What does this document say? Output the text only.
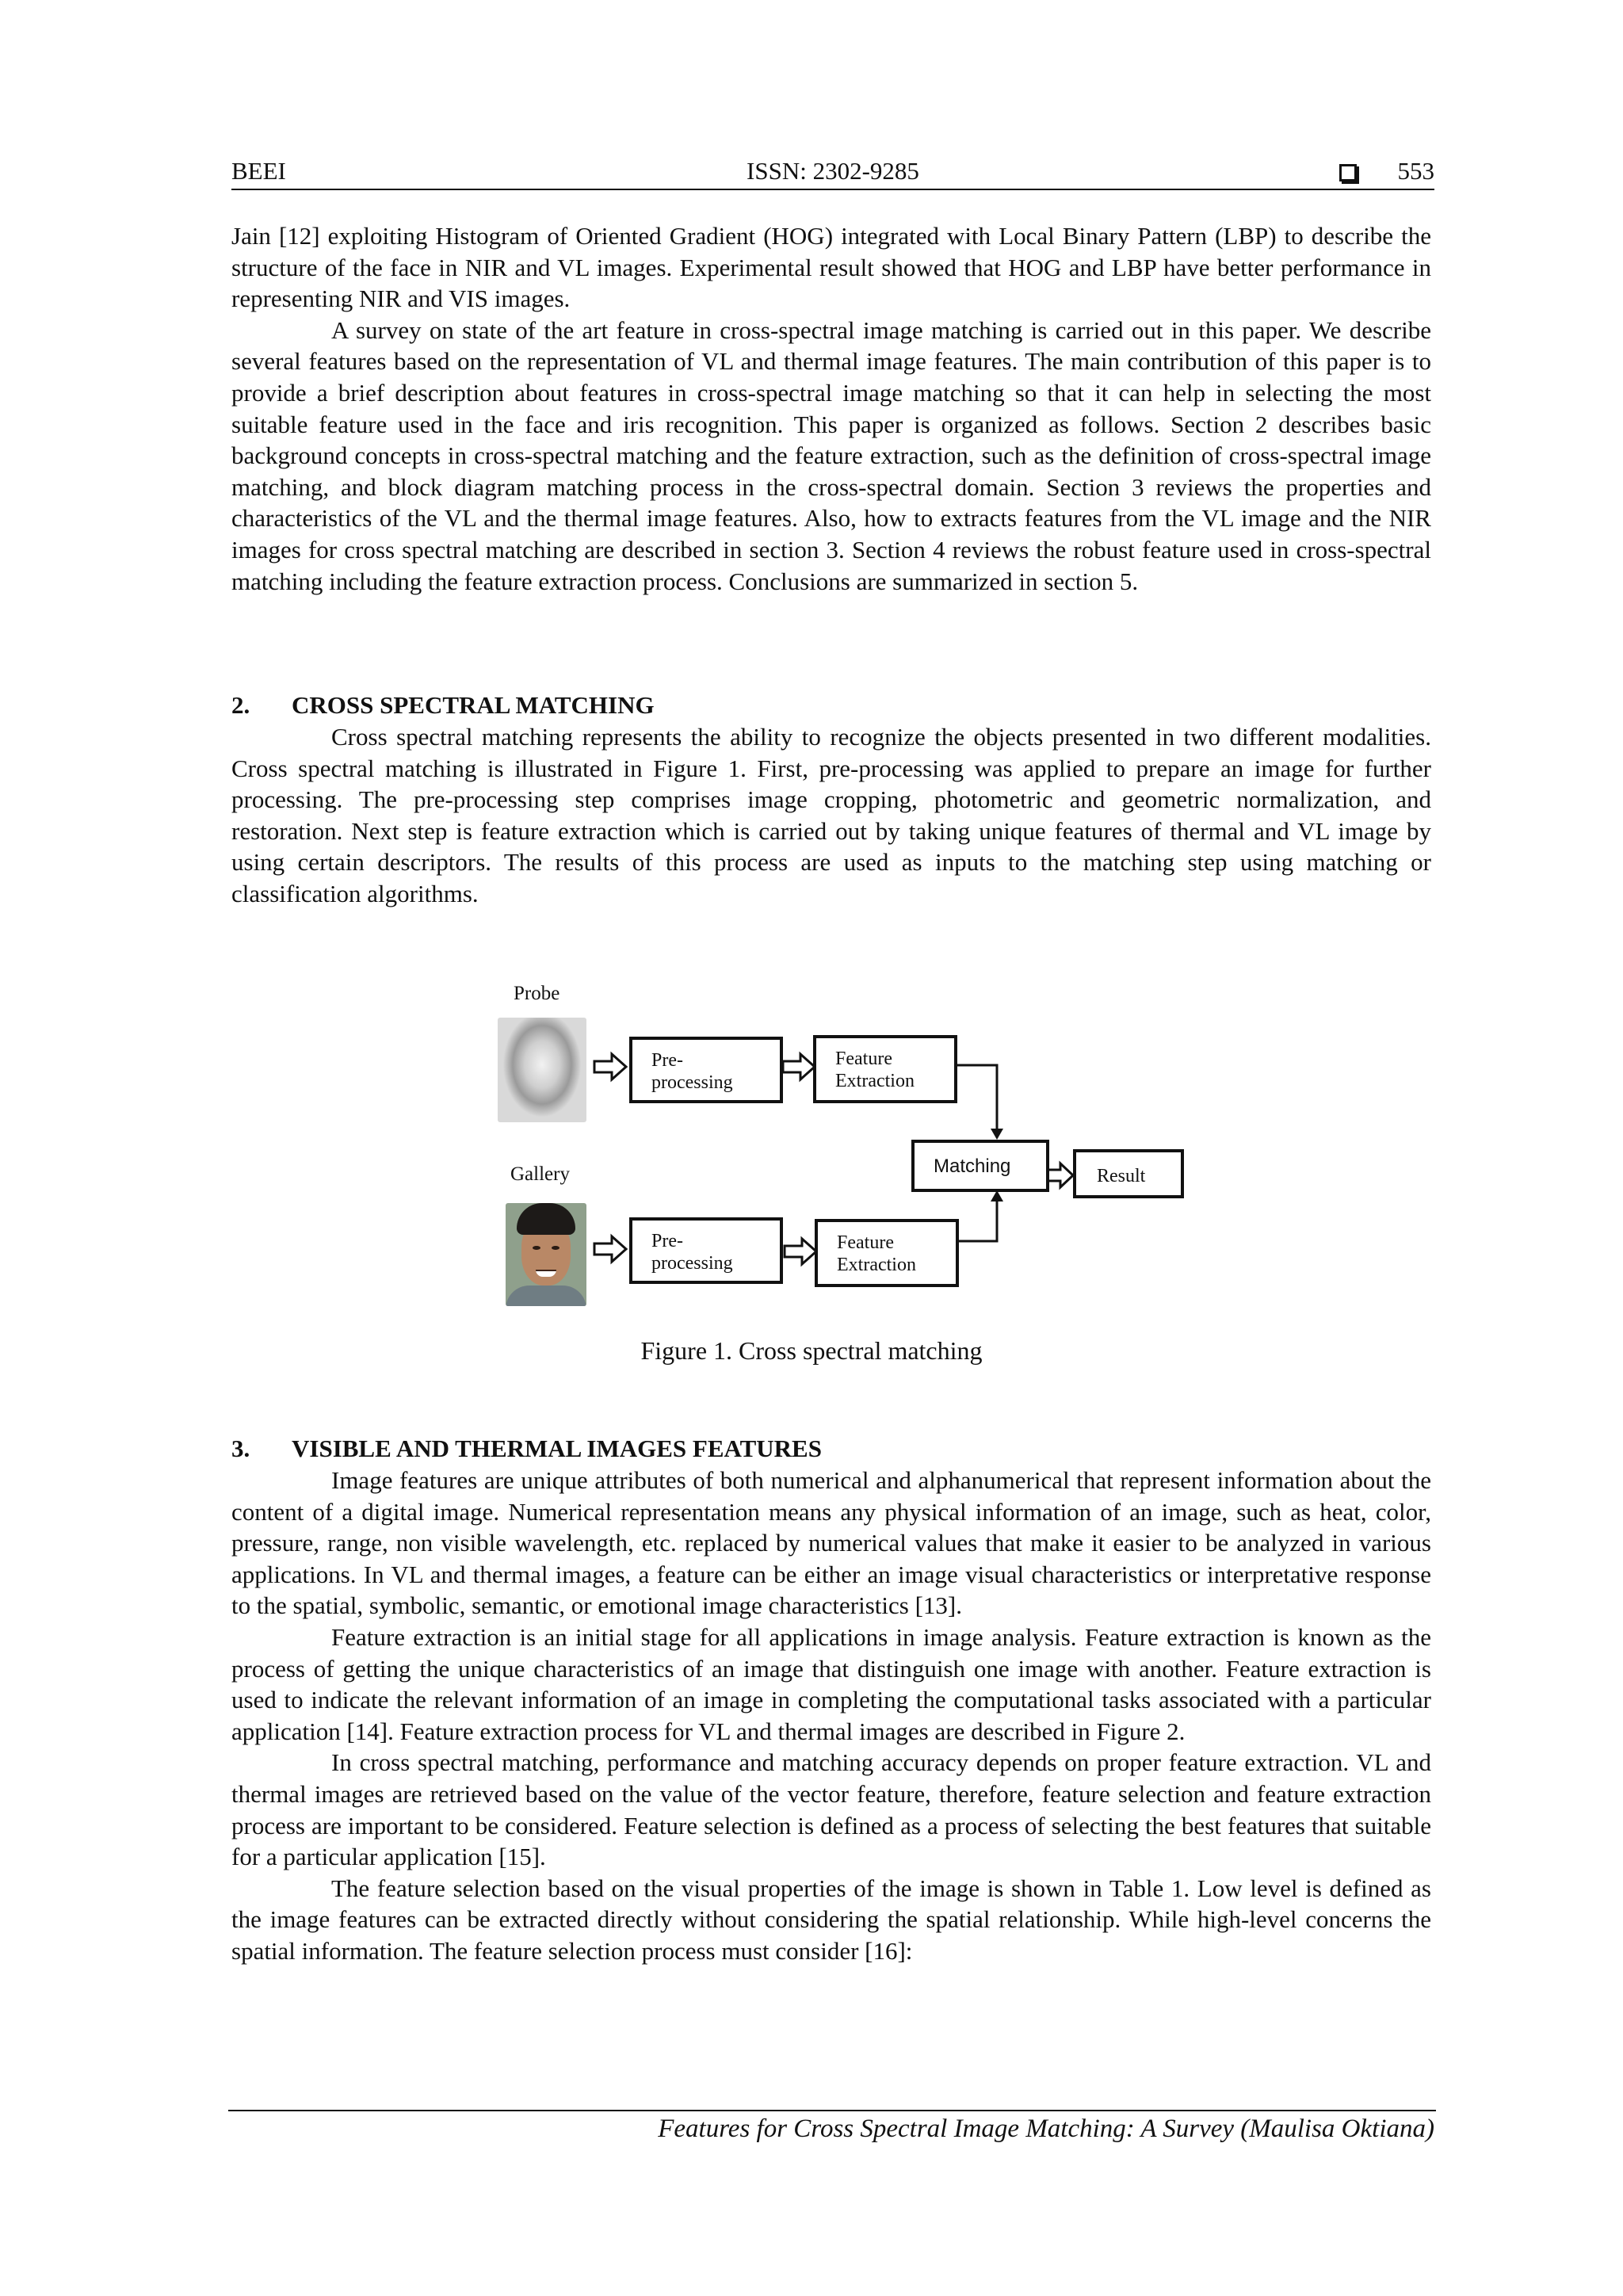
BEEI	ISSN: 2302-9285	553

Jain [12] exploiting Histogram of Oriented Gradient (HOG) integrated with Local Binary Pattern (LBP) to describe the structure of the face in NIR and VL images. Experimental result showed that HOG and LBP have better performance in representing NIR and VIS images.

A survey on state of the art feature in cross-spectral image matching is carried out in this paper. We describe several features based on the representation of VL and thermal image features. The main contribution of this paper is to provide a brief description about features in cross-spectral image matching so that it can help in selecting the most suitable feature used in the face and iris recognition. This paper is organized as follows. Section 2 describes basic background concepts in cross-spectral matching and the feature extraction, such as the definition of cross-spectral image matching, and block diagram matching process in the cross-spectral domain. Section 3 reviews the properties and characteristics of the VL and the thermal image features. Also, how to extracts features from the VL image and the NIR images for cross spectral matching are described in section 3. Section 4 reviews the robust feature used in cross-spectral matching including the feature extraction process. Conclusions are summarized in section 5.

2. CROSS SPECTRAL MATCHING

Cross spectral matching represents the ability to recognize the objects presented in two different modalities. Cross spectral matching is illustrated in Figure 1. First, pre-processing was applied to prepare an image for further processing. The pre-processing step comprises image cropping, photometric and geometric normalization, and restoration. Next step is feature extraction which is carried out by taking unique features of thermal and VL image by using certain descriptors. The results of this process are used as inputs to the matching step using matching or classification algorithms.

Probe
Gallery
Pre-
processing
Feature
Extraction
Matching	Result
Pre-
processing
Feature
Extraction
Figure 1. Cross spectral matching
3. VISIBLE AND THERMAL IMAGES FEATURES

Image features are unique attributes of both numerical and alphanumerical that represent information about the content of a digital image. Numerical representation means any physical information of an image, such as heat, color, pressure, range, non visible wavelength, etc. replaced by numerical values that make it easier to be analyzed in various applications. In VL and thermal images, a feature can be either an image visual characteristics or interpretative response to the spatial, symbolic, semantic, or emotional image characteristics [13].

Feature extraction is an initial stage for all applications in image analysis. Feature extraction is known as the process of getting the unique characteristics of an image that distinguish one image with another. Feature extraction is used to indicate the relevant information of an image in completing the computational tasks associated with a particular application [14]. Feature extraction process for VL and thermal images are described in Figure 2.

In cross spectral matching, performance and matching accuracy depends on proper feature extraction. VL and thermal images are retrieved based on the value of the vector feature, therefore, feature selection and feature extraction process are important to be considered. Feature selection is defined as a process of selecting the best features that suitable for a particular application [15].

The feature selection based on the visual properties of the image is shown in Table 1. Low level is defined as the image features can be extracted directly without considering the spatial relationship. While high-level concerns the spatial information. The feature selection process must consider [16]:

Features for Cross Spectral Image Matching: A Survey (Maulisa Oktiana)
